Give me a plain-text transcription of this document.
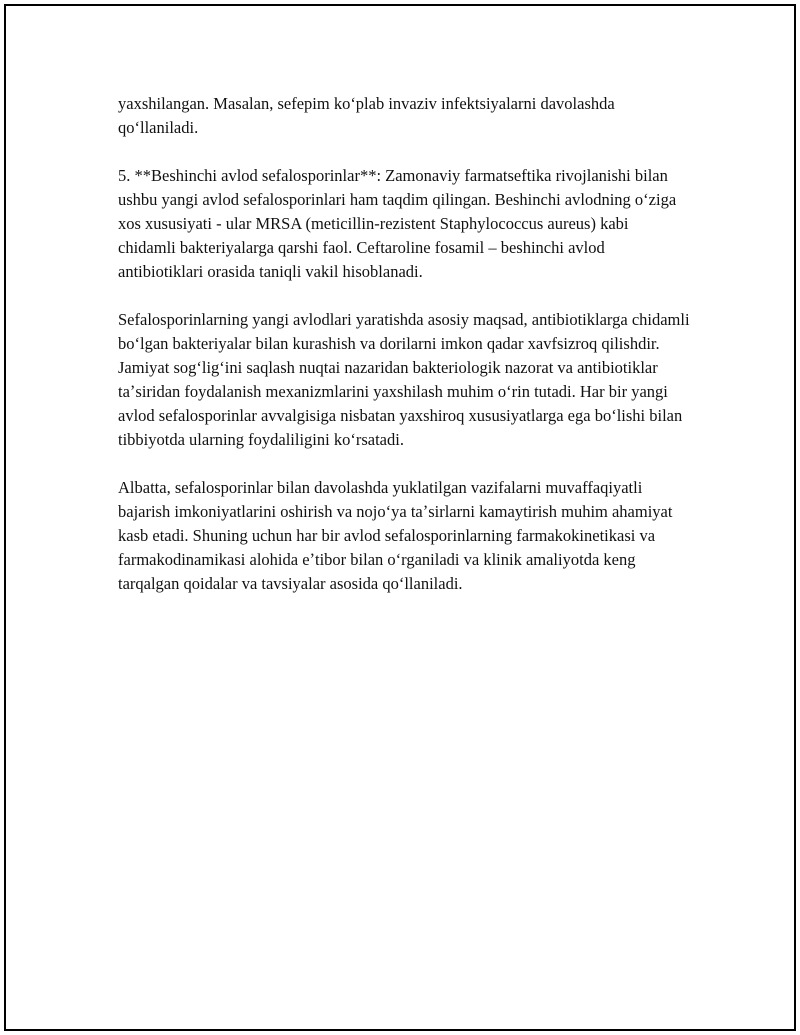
yaxshilangan. Masalan, sefepim koʻplab invaziv infektsiyalarni davolashda qoʻllaniladi.

5. **Beshinchi avlod sefalosporinlar**: Zamonaviy farmatseftika rivojlanishi bilan ushbu yangi avlod sefalosporinlari ham taqdim qilingan. Beshinchi avlodning oʻziga xos xususiyati - ular MRSA (meticillin-rezistent Staphylococcus aureus) kabi chidamli bakteriyalarga qarshi faol. Ceftaroline fosamil – beshinchi avlod antibiotiklari orasida taniqli vakil hisoblanadi.

Sefalosporinlarning yangi avlodlari yaratishda asosiy maqsad, antibiotiklarga chidamli boʻlgan bakteriyalar bilan kurashish va dorilarni imkon qadar xavfsizroq qilishdir. Jamiyat sogʻligʻini saqlash nuqtai nazaridan bakteriologik nazorat va antibiotiklar taʼsiridan foydalanish mexanizmlarini yaxshilash muhim oʻrin tutadi. Har bir yangi avlod sefalosporinlar avvalgisiga nisbatan yaxshiroq xususiyatlarga ega boʻlishi bilan tibbiyotda ularning foydaliligini koʻrsatadi.

Albatta, sefalosporinlar bilan davolashda yuklatilgan vazifalarni muvaffaqiyatli bajarish imkoniyatlarini oshirish va nojoʻya taʼsirlarni kamaytirish muhim ahamiyat kasb etadi. Shuning uchun har bir avlod sefalosporinlarning farmakokinetikasi va farmakodinamikasi alohida eʼtibor bilan oʻrganiladi va klinik amaliyotda keng tarqalgan qoidalar va tavsiyalar asosida qoʻllaniladi.
